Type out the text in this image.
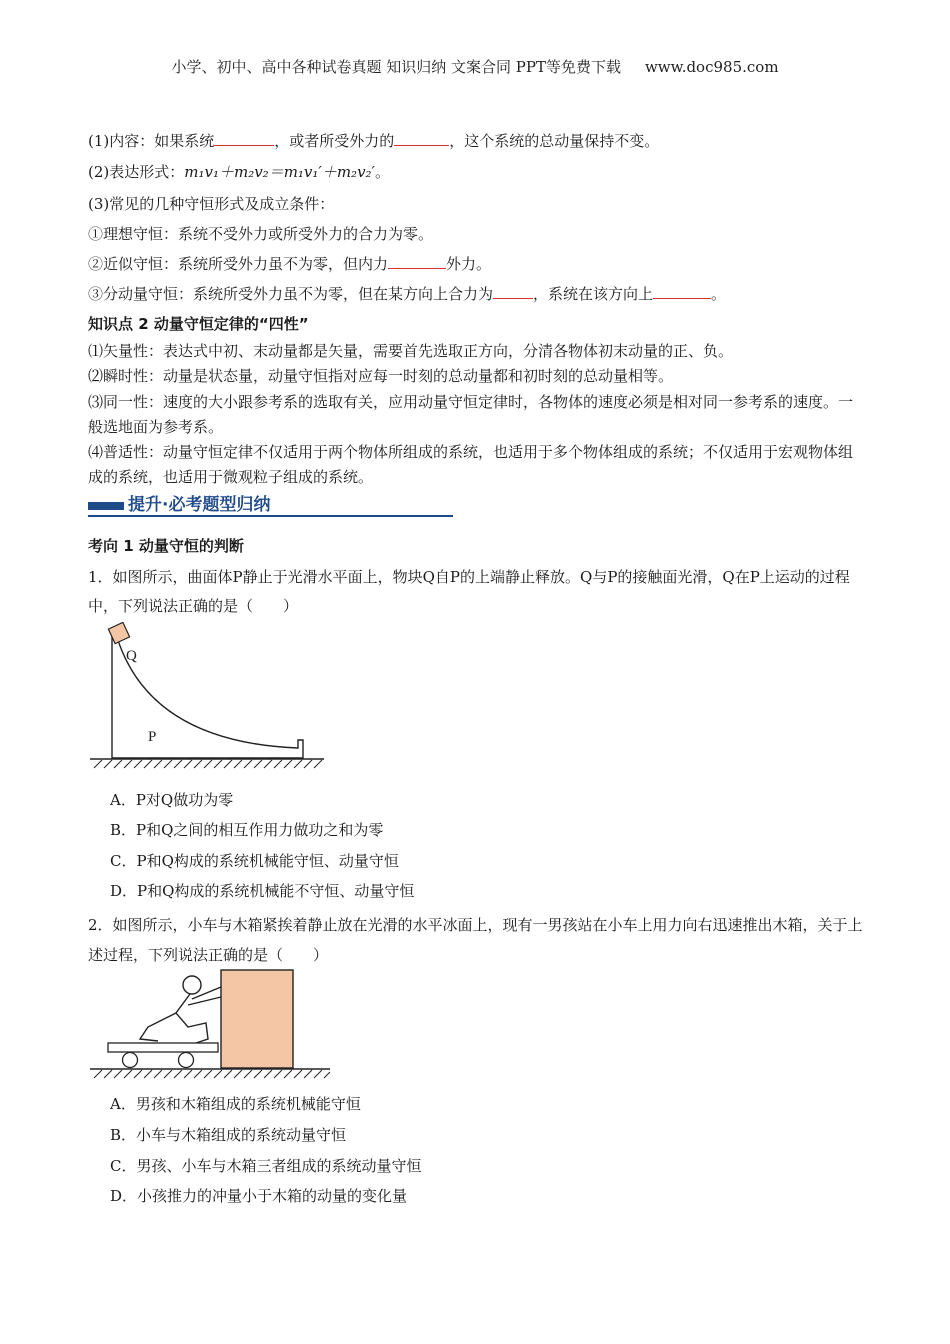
小学、初中、高中各种试卷真题 知识归纳 文案合同 PPT等免费下载 www.doc985.com
(1)内容：如果系统	，或者所受外力的	，这个系统的总动量保持不变。
(2)表达形式：m₁v₁＋m₂v₂＝m₁v₁′＋m₂v₂′。
(3)常见的几种守恒形式及成立条件：
①理想守恒：系统不受外力或所受外力的合力为零。
②近似守恒：系统所受外力虽不为零，但内力	外力。
③分动量守恒：系统所受外力虽不为零，但在某方向上合力为	，系统在该方向上	。
知识点 2 动量守恒定律的“四性”
⑴矢量性：表达式中初、末动量都是矢量，需要首先选取正方向，分清各物体初末动量的正、负。
⑵瞬时性：动量是状态量，动量守恒指对应每一时刻的总动量都和初时刻的总动量相等。
⑶同一性：速度的大小跟参考系的选取有关，应用动量守恒定律时，各物体的速度必须是相对同一参考系的速度。一般选地面为参考系。
⑷普适性：动量守恒定律不仅适用于两个物体所组成的系统，也适用于多个物体组成的系统；不仅适用于宏观物体组成的系统，也适用于微观粒子组成的系统。
提升·必考题型归纳
考向 1 动量守恒的判断
1．如图所示，曲面体P静止于光滑水平面上，物块Q自P的上端静止释放。Q与P的接触面光滑，Q在P上运动的过程中，下列说法正确的是（　　）
Q
P
A．P对Q做功为零
B．P和Q之间的相互作用力做功之和为零
C．P和Q构成的系统机械能守恒、动量守恒
D．P和Q构成的系统机械能不守恒、动量守恒
2．如图所示，小车与木箱紧挨着静止放在光滑的水平冰面上，现有一男孩站在小车上用力向右迅速推出木箱，关于上述过程，下列说法正确的是（　　）
A．男孩和木箱组成的系统机械能守恒
B．小车与木箱组成的系统动量守恒
C．男孩、小车与木箱三者组成的系统动量守恒
D．小孩推力的冲量小于木箱的动量的变化量
